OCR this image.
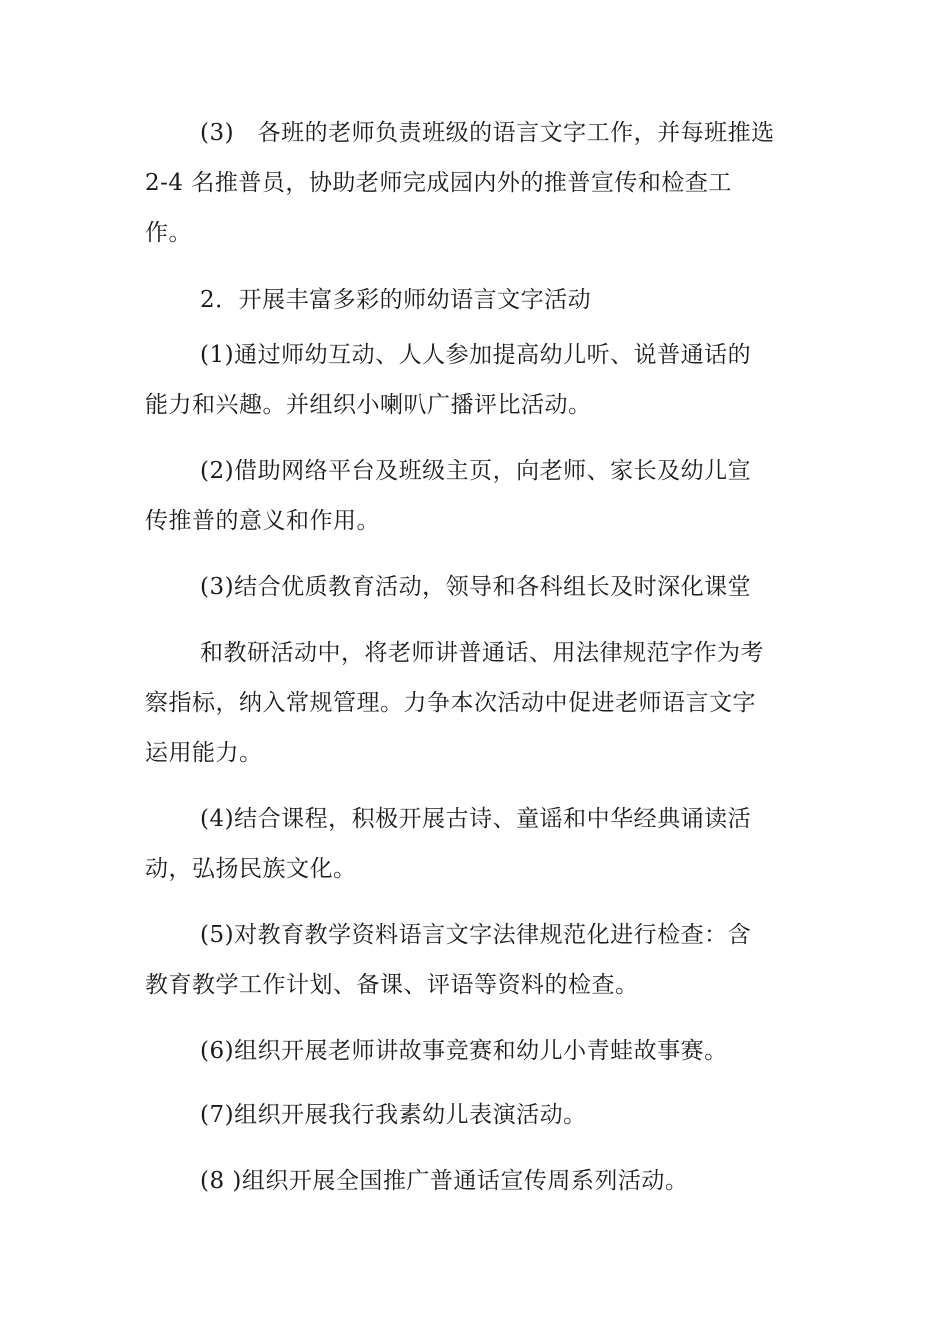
(3)　各班的老师负责班级的语言文字工作，并每班推选
2-4 名推普员，协助老师完成园内外的推普宣传和检查工
作。
2．开展丰富多彩的师幼语言文字活动
(1)通过师幼互动、人人参加提高幼儿听、说普通话的
能力和兴趣。并组织小喇叭广播评比活动。
(2)借助网络平台及班级主页，向老师、家长及幼儿宣
传推普的意义和作用。
(3)结合优质教育活动，领导和各科组长及时深化课堂
和教研活动中，将老师讲普通话、用法律规范字作为考
察指标，纳入常规管理。力争本次活动中促进老师语言文字
运用能力。
(4)结合课程，积极开展古诗、童谣和中华经典诵读活
动，弘扬民族文化。
(5)对教育教学资料语言文字法律规范化进行检查：含
教育教学工作计划、备课、评语等资料的检查。
(6)组织开展老师讲故事竞赛和幼儿小青蛙故事赛。
(7)组织开展我行我素幼儿表演活动。
(8 )组织开展全国推广普通话宣传周系列活动。
